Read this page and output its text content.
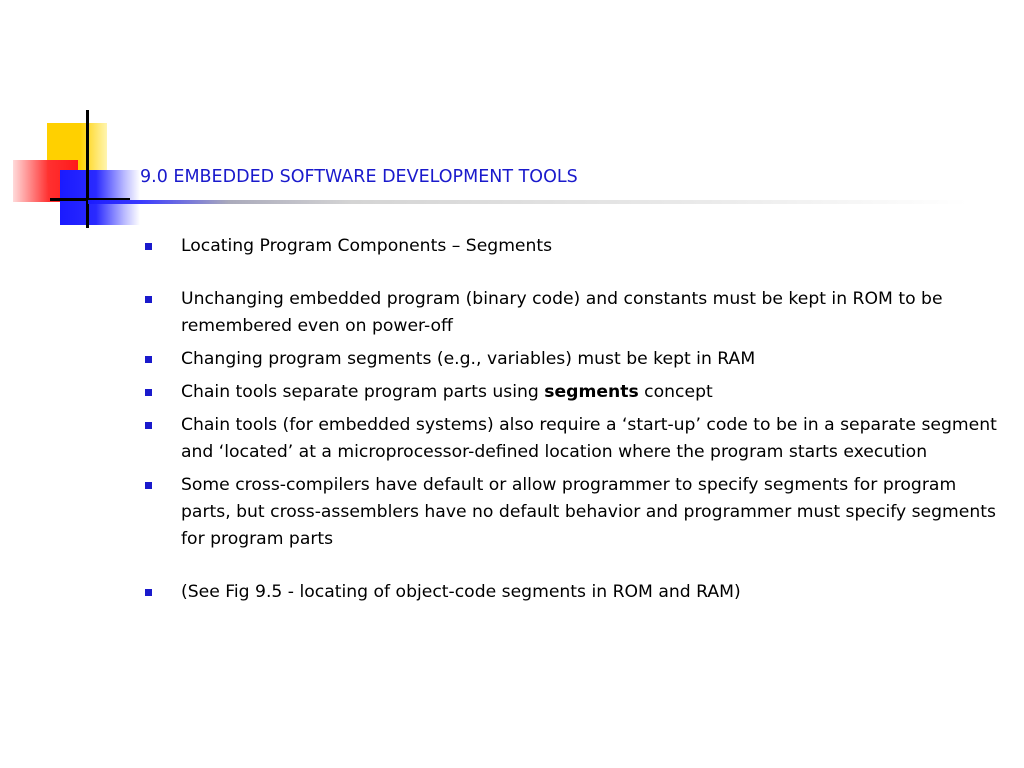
9.0 EMBEDDED SOFTWARE DEVELOPMENT TOOLS
Locating Program Components – Segments
Unchanging embedded program (binary code) and constants must be kept in ROM to be remembered even on power-off
Changing program segments (e.g., variables) must be kept in RAM
Chain tools separate program parts using segments concept
Chain tools (for embedded systems) also require a ‘start-up’ code to be in a separate segment and ‘located’ at a microprocessor-defined location where the program starts execution
Some cross-compilers have default or allow programmer to specify segments for program parts, but cross-assemblers have no default behavior and programmer must specify segments for program parts
(See Fig 9.5 - locating of object-code segments in ROM and RAM)
